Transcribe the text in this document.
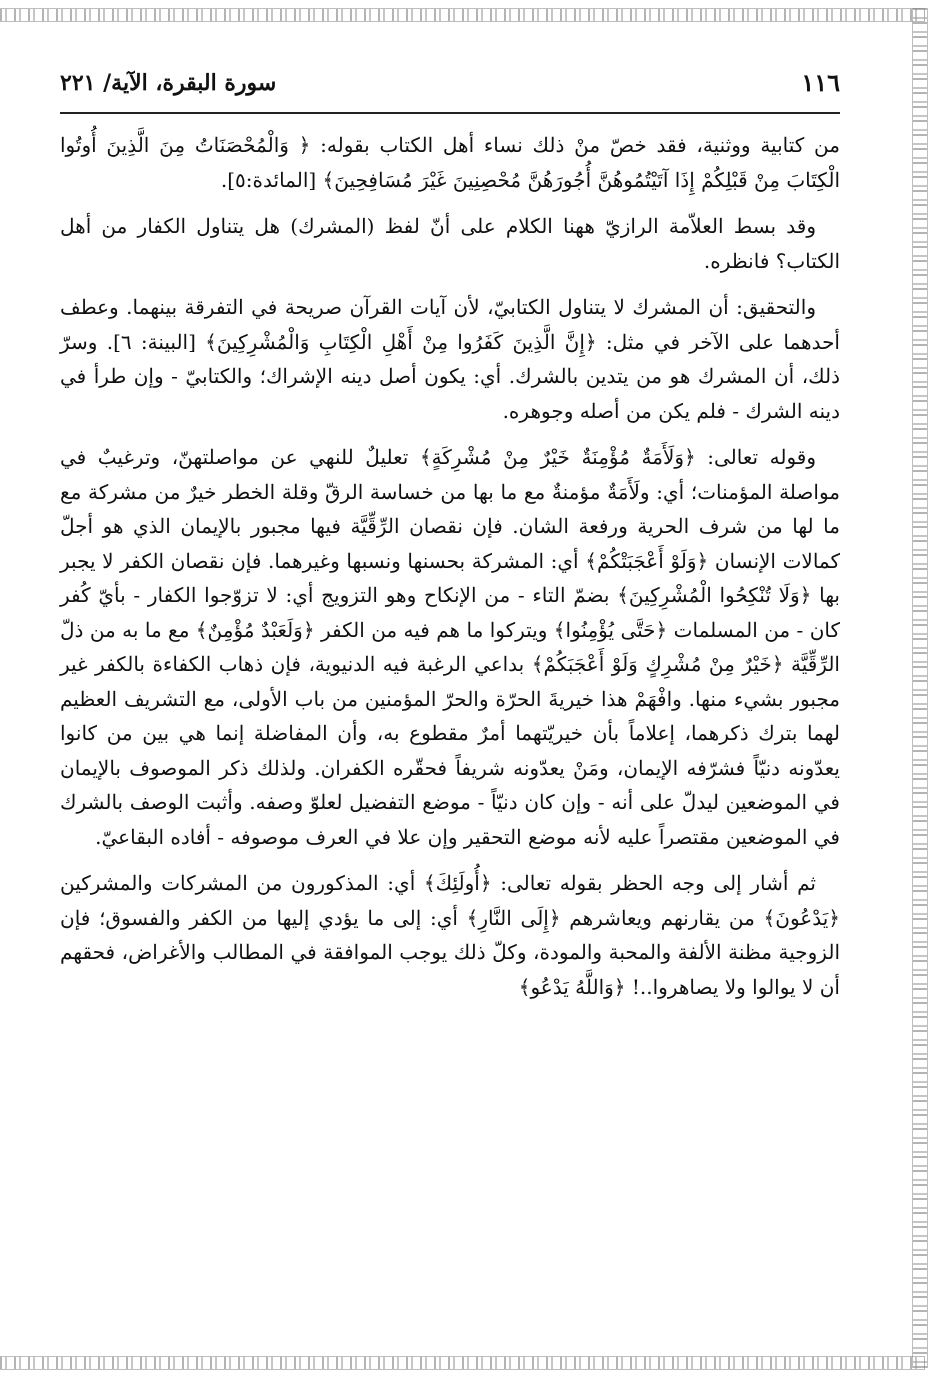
١١٦
سورة البقرة، الآية/ ٢٢١

من كتابية ووثنية، فقد خصّ منْ ذلك نساء أهل الكتاب بقوله: ﴿ وَالْمُحْصَنَاتُ مِنَ الَّذِينَ أُوتُوا الْكِتَابَ مِنْ قَبْلِكُمْ إِذَا آتَيْتُمُوهُنَّ أُجُورَهُنَّ مُحْصِنِينَ غَيْرَ مُسَافِحِينَ﴾ [المائدة:٥].

وقد بسط العلاّمة الرازيّ ههنا الكلام على أنّ لفظ (المشرك) هل يتناول الكفار من أهل الكتاب؟ فانظره.

والتحقيق: أن المشرك لا يتناول الكتابيّ، لأن آيات القرآن صريحة في التفرقة بينهما. وعطف أحدهما على الآخر في مثل: ﴿إِنَّ الَّذِينَ كَفَرُوا مِنْ أَهْلِ الْكِتَابِ وَالْمُشْرِكِينَ﴾ [البينة: ٦]. وسرّ ذلك، أن المشرك هو من يتدين بالشرك. أي: يكون أصل دينه الإشراك؛ والكتابيّ - وإن طرأ في دينه الشرك - فلم يكن من أصله وجوهره.

وقوله تعالى: ﴿وَلَأَمَةٌ مُؤْمِنَةٌ خَيْرٌ مِنْ مُشْرِكَةٍ﴾ تعليلٌ للنهي عن مواصلتهنّ، وترغيبٌ في مواصلة المؤمنات؛ أي: ولَأَمَةٌ مؤمنةٌ مع ما بها من خساسة الرقّ وقلة الخطر خيرٌ من مشركة مع ما لها من شرف الحرية ورفعة الشان. فإن نقصان الرِّقِّيَّة فيها مجبور بالإيمان الذي هو أجلّ كمالات الإنسان ﴿وَلَوْ أَعْجَبَتْكُمْ﴾ أي: المشركة بحسنها ونسبها وغيرهما. فإن نقصان الكفر لا يجبر بها ﴿وَلَا تُنْكِحُوا الْمُشْرِكِينَ﴾ بضمّ التاء - من الإنكاح وهو التزويج أي: لا تزوّجوا الكفار - بأيّ كُفر كان - من المسلمات ﴿حَتَّى يُؤْمِنُوا﴾ ويتركوا ما هم فيه من الكفر ﴿وَلَعَبْدٌ مُؤْمِنٌ﴾ مع ما به من ذلّ الرِّقِّيَّة ﴿خَيْرٌ مِنْ مُشْرِكٍ وَلَوْ أَعْجَبَكُمْ﴾ بداعي الرغبة فيه الدنيوية، فإن ذهاب الكفاءة بالكفر غير مجبور بشيء منها. وافْهَمْ هذا خيريةَ الحرّة والحرّ المؤمنين من باب الأولى، مع التشريف العظيم لهما بترك ذكرهما، إعلاماً بأن خيريّتهما أمرٌ مقطوع به، وأن المفاضلة إنما هي بين من كانوا يعدّونه دنيّاً فشرّفه الإيمان، ومَنْ يعدّونه شريفاً فحقّره الكفران. ولذلك ذكر الموصوف بالإيمان في الموضعين ليدلّ على أنه - وإن كان دنيّاً - موضع التفضيل لعلوّ وصفه. وأثبت الوصف بالشرك في الموضعين مقتصراً عليه لأنه موضع التحقير وإن علا في العرف موصوفه - أفاده البقاعيّ.

ثم أشار إلى وجه الحظر بقوله تعالى: ﴿أُولَئِكَ﴾ أي: المذكورون من المشركات والمشركين ﴿يَدْعُونَ﴾ من يقارنهم ويعاشرهم ﴿إِلَى النَّارِ﴾ أي: إلى ما يؤدي إليها من الكفر والفسوق؛ فإن الزوجية مظنة الألفة والمحبة والمودة، وكلّ ذلك يوجب الموافقة في المطالب والأغراض، فحقهم أن لا يوالوا ولا يصاهروا..! ﴿وَاللَّهُ يَدْعُو﴾
